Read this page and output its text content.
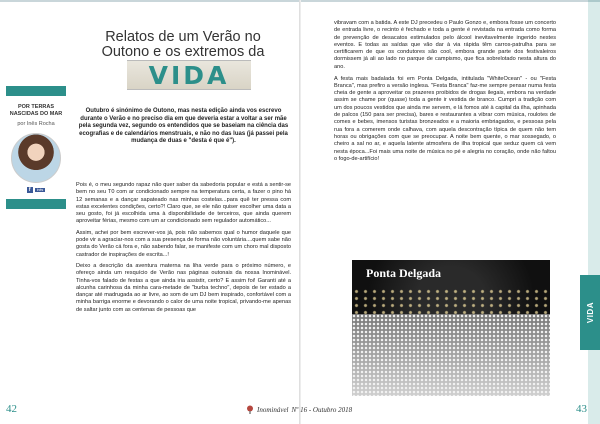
VIDA
Relatos de um Verão no
Outono e os extremos da
VIDA
POR TERRAS NASCIDAS DO MAR
por Inês Rocha
f	Inês
Outubro é sinónimo de Outono, mas nesta edição ainda vos escrevo durante o Verão e no preciso dia em que deveria estar a voltar a ser mãe pela segunda vez, segundo os entendidos que se baseiam na ciência das ecografias e de calendários menstruais, e não no das luas (já passei pela mudança de duas e "desta é que é").

Pois é, o meu segundo rapaz não quer saber da sabedoria popular e está a sentir-se bem no seu T0 com ar condicionado sempre na temperatura certa, a fazer o pino há 12 semanas e a dançar sapateado nas minhas costelas...para quê ter pressa com estas excelentes condições, certo?! Claro que, se ele não quiser escolher uma data a seu gosto, foi já escolhida uma à disponibilidade de terceiros, que ainda querem aproveitar férias, mesmo com um ar condicionado sem regulador automático...

Assim, achei por bem escrever-vos já, pois não sabemos qual o humor daquele que pode vir a agraciar-nos com a sua presença de forma não voluntária....quem sabe não gosta do Verão cá fora e, não sabendo falar, se manifeste com um choro mal disposto castrador de inspirações de escrita...!

Deixo a descrição da aventura materna na liha verde para o próximo número, e ofereço ainda um resquício de Verão nas páginas outonais da nossa Inominável. Tinha-vos falado de festas a que ainda iria assistir, certo? E assim foi! Garanti até a alcunha carinhosa da minha cara-metade de "burba techno", depois de ter estado a dançar até madrugada ao ar livre, ao som de um DJ bem inspirado, confortável com a minha barriga enorme e devorando o calor de uma noite tropical, privando-me apenas de saltar junto com as centenas de pessoas que

vibravam com a batida. A este DJ precedeu o Paulo Gonzo e, embora fosse um concerto de entrada livre, o recinto é fechado e toda a gente é revistada na entrada como forma de prevenção de desacatos estimulados pelo álcool inevitavelmente ingerido nestes eventos. E todas as saídas que vão dar à via rápida têm carros-patrulha para se certificarem de que os condutores são cool, embora grande parte dos festivaleiros dormissem já ali ao lado no parque de campismo, que fica sobrelotado nesta altura do ano.

A festa mais badalada foi em Ponta Delgada, intitulada "WhiteOcean" - ou "Festa Branca", mas prefiro a versão inglesa. "Festa Branca" faz-me sempre pensar numa festa cheia de gente a aproveitar os prazeres proibidos de drogas ilegais, embora na verdade assim se chame por (quase) toda a gente ir vestida de branco. Cumpri a tradição com um dos poucos vestidos que ainda me servem, e lá fomos até à capital da ilha, apinhada de palcos (150 para ser precisa), bares e restaurantes a vibrar com música, roulotes de comes e bebes, imensos turistas bronzeados e a maioria embriagados, e pessoas pela rua fora a comerem onde calhava, com aquela descontração típica de quem não tem horas ou obrigações com que se preocupar. A noite bem quente, o mar sossegado, o cheiro a sal no ar, e aquela latente atmosfera de ilha tropical que seduz quem cá vem nesta época...Foi mais uma noite de música no pé e alegria no coração, onde não faltou o fogo-de-artifício!

Ponta Delgada
42	Inominável Nº 16 - Outubro 2018	43
